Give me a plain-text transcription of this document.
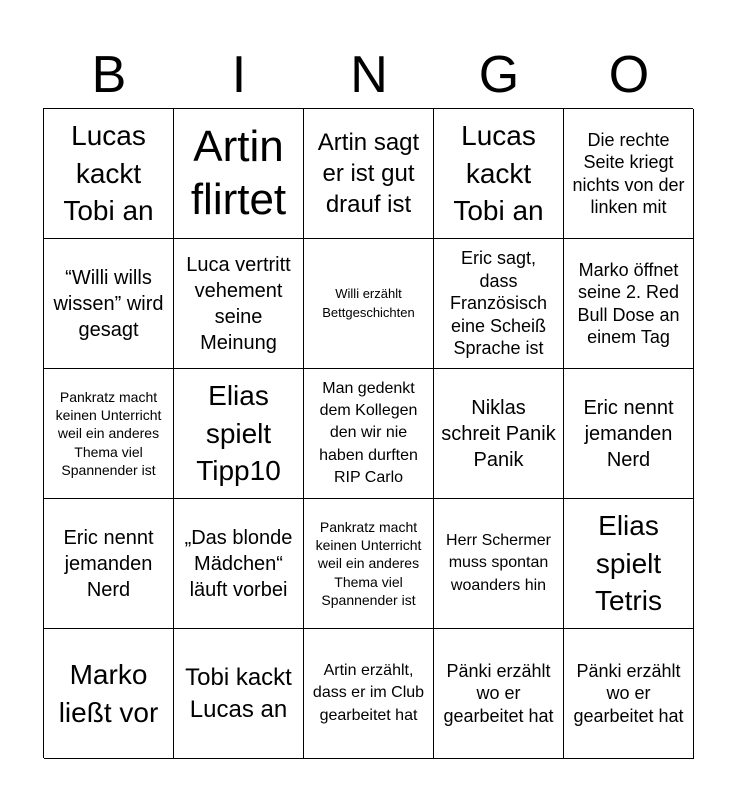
B	I	N	G	O
Lucas kackt Tobi an
Artin flirtet
Artin sagt er ist gut drauf ist
Lucas kackt Tobi an
Die rechte Seite kriegt nichts von der linken mit
“Willi wills wissen” wird gesagt
Luca vertritt vehement seine Meinung
Willi erzählt Bettgeschichten
Eric sagt, dass Französisch eine Scheiß Sprache ist
Marko öffnet seine 2. Red Bull Dose an einem Tag
Pankratz macht keinen Unterricht weil ein anderes Thema viel Spannender ist
Elias spielt Tipp10
Man gedenkt dem Kollegen den wir nie haben durften RIP Carlo
Niklas schreit Panik Panik
Eric nennt jemanden Nerd
Eric nennt jemanden Nerd
„Das blonde Mädchen“ läuft vorbei
Pankratz macht keinen Unterricht weil ein anderes Thema viel Spannender ist
Herr Schermer muss spontan woanders hin
Elias spielt Tetris
Marko ließt vor
Tobi kackt Lucas an
Artin erzählt, dass er im Club gearbeitet hat
Pänki erzählt wo er gearbeitet hat
Pänki erzählt wo er gearbeitet hat
